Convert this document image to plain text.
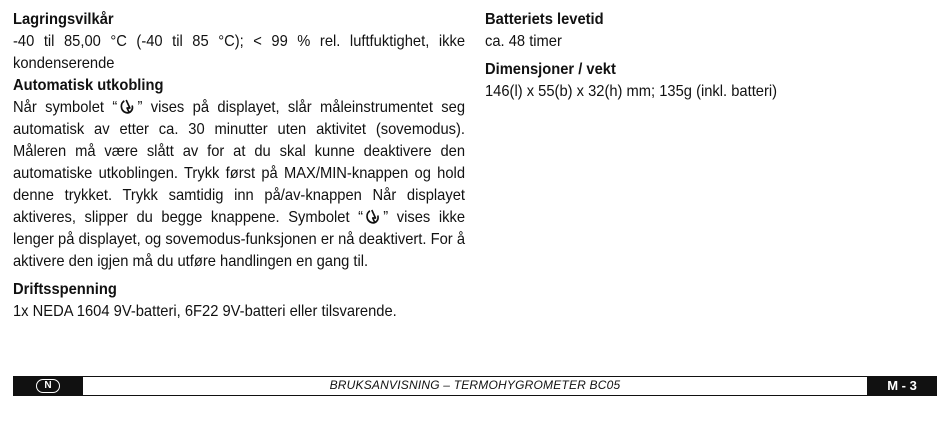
Lagringsvilkår

-40 til 85,00 °C (-40 til 85 °C); < 99 % rel. luftfuktighet, ikke kondenserende

Automatisk utkobling

Når symbolet “ ” vises på displayet, slår måleinstrumentet seg automatisk av etter ca. 30 minutter uten aktivitet (sovemodus). Måleren må være slått av for at du skal kunne deaktivere den automatiske utkoblingen. Trykk først på MAX/MIN-knappen og hold denne trykket. Trykk samtidig inn på/av-knappen Når displayet aktiveres, slipper du begge knappene. Symbolet “ ” vises ikke lenger på displayet, og sovemodus-funksjonen er nå deaktivert. For å aktivere den igjen må du utføre handlingen en gang til.

Driftsspenning

1x NEDA 1604 9V-batteri, 6F22 9V-batteri eller tilsvarende.

Batteriets levetid

ca. 48 timer

Dimensjoner / vekt

146(l) x 55(b) x 32(h) mm; 135g (inkl. batteri)

N	BRUKSANVISNING – TERMOHYGROMETER BC05	M - 3
